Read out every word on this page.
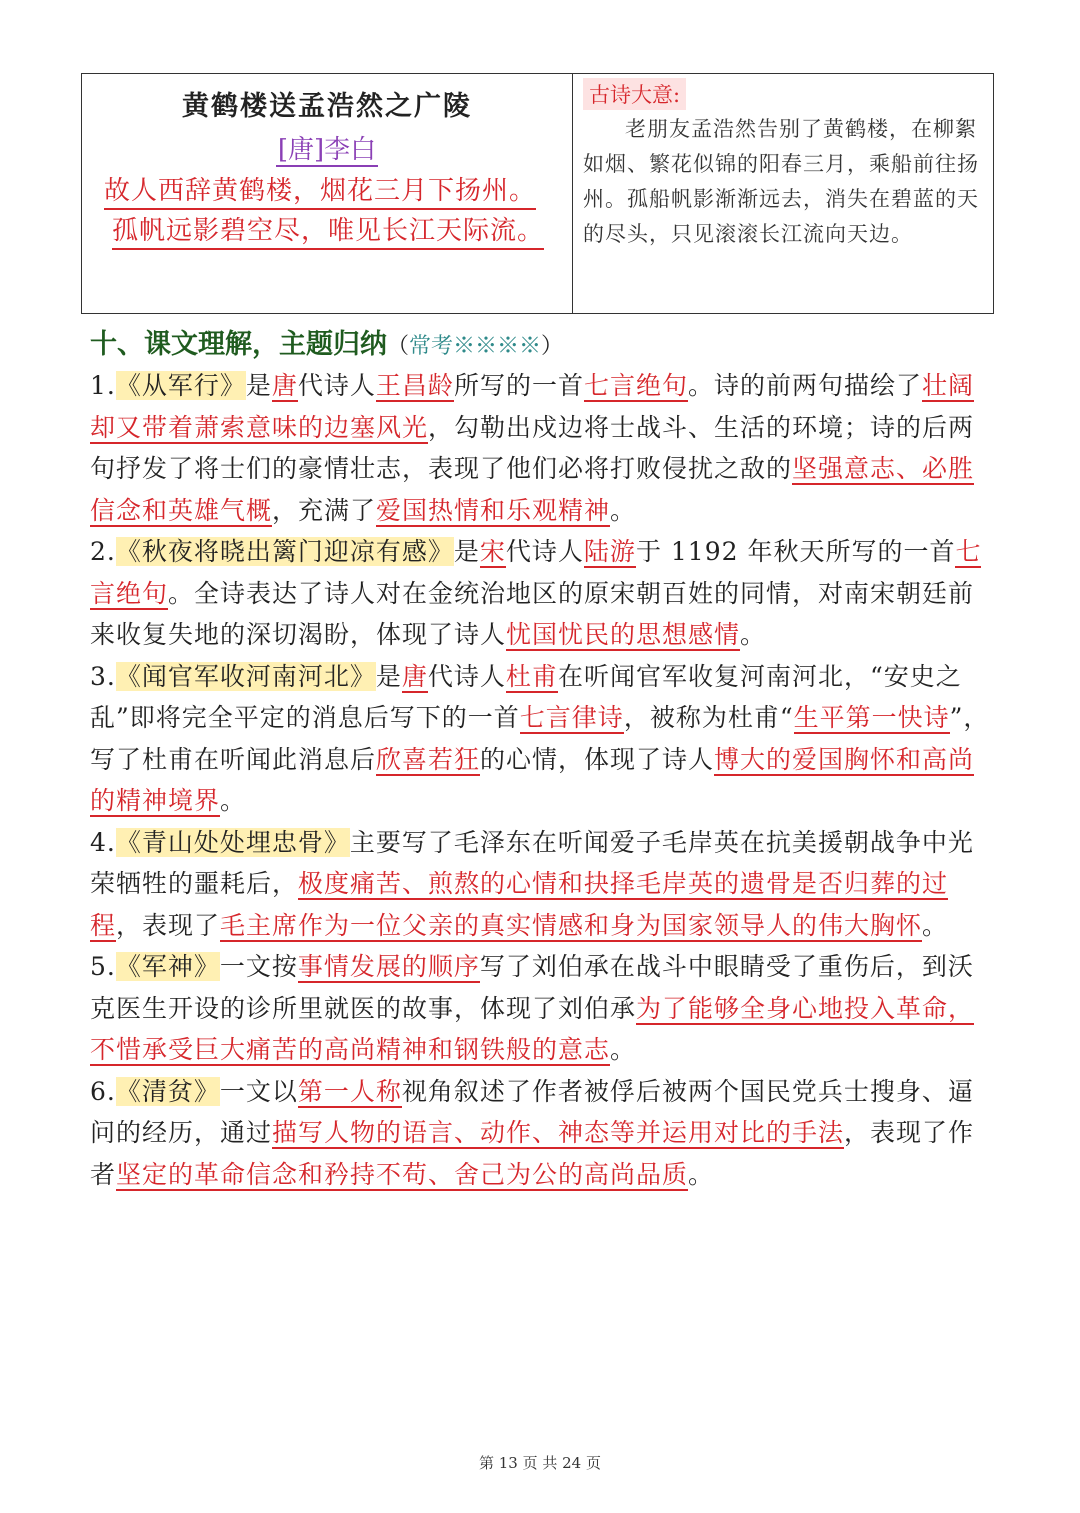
黄鹤楼送孟浩然之广陵
[唐]李白
故人西辞黄鹤楼，烟花三月下扬州。
孤帆远影碧空尽，唯见长江天际流。
古诗大意:
老朋友孟浩然告别了黄鹤楼，在柳絮如烟、繁花似锦的阳春三月，乘船前往扬州。孤船帆影渐渐远去，消失在碧蓝的天的尽头，只见滚滚长江流向天边。
十、课文理解，主题归纳（常考※※※※）

1.《从军行》是唐代诗人王昌龄所写的一首七言绝句。诗的前两句描绘了壮阔却又带着萧索意味的边塞风光，勾勒出戍边将士战斗、生活的环境；诗的后两句抒发了将士们的豪情壮志，表现了他们必将打败侵扰之敌的坚强意志、必胜信念和英雄气概，充满了爱国热情和乐观精神。

2.《秋夜将晓出篱门迎凉有感》是宋代诗人陆游于 1192 年秋天所写的一首七言绝句。全诗表达了诗人对在金统治地区的原宋朝百姓的同情，对南宋朝廷前来收复失地的深切渴盼，体现了诗人忧国忧民的思想感情。

3.《闻官军收河南河北》是唐代诗人杜甫在听闻官军收复河南河北，“安史之乱”即将完全平定的消息后写下的一首七言律诗，被称为杜甫“生平第一快诗”，写了杜甫在听闻此消息后欣喜若狂的心情，体现了诗人博大的爱国胸怀和高尚的精神境界。

4.《青山处处埋忠骨》主要写了毛泽东在听闻爱子毛岸英在抗美援朝战争中光荣牺牲的噩耗后，极度痛苦、煎熬的心情和抉择毛岸英的遗骨是否归葬的过程，表现了毛主席作为一位父亲的真实情感和身为国家领导人的伟大胸怀。

5.《军神》一文按事情发展的顺序写了刘伯承在战斗中眼睛受了重伤后，到沃克医生开设的诊所里就医的故事，体现了刘伯承为了能够全身心地投入革命，不惜承受巨大痛苦的高尚精神和钢铁般的意志。

6.《清贫》一文以第一人称视角叙述了作者被俘后被两个国民党兵士搜身、逼问的经历，通过描写人物的语言、动作、神态等并运用对比的手法，表现了作者坚定的革命信念和矜持不苟、舍己为公的高尚品质。

第 13 页 共 24 页
